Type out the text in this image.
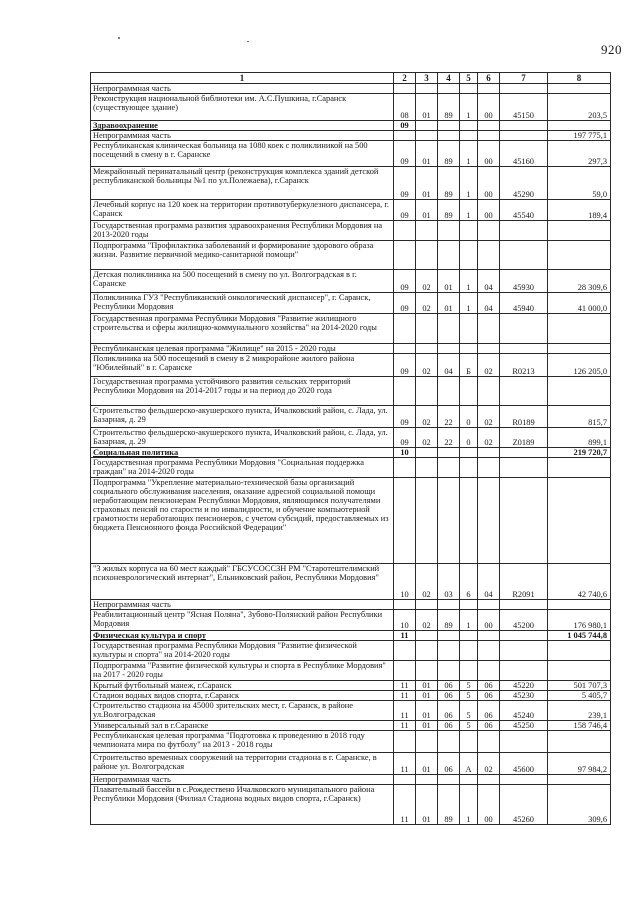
920
1	2	3	4	5	6	7	8
Непрограммная часть							
Реконструкция национальной библиотеки им. А.С.Пушкина, г.Саранск (существующее здание)	08	01	89	1	00	45150	203,5
Здравоохранение	09						
Непрограммная часть							197 775,1
Республиканская клиническая больница на 1080 коек с поликлиникой на 500 посещений в смену в г. Саранске	09	01	89	1	00	45160	297,3
Межрайонный перинатальный центр (реконструкция комплекса зданий детской республиканской больницы №1 по ул.Полежаева), г.Саранск	09	01	89	1	00	45290	59,0
Лечебный корпус на 120 коек на территории противотуберкулезного диспансера, г. Саранск	09	01	89	1	00	45540	189,4
Государственная программа развития здравоохранения Республики Мордовия на 2013-2020 годы							
Подпрограмма "Профилактика заболеваний и формирование здорового образа жизни. Развитие первичной медико-санитарной помощи"							
Детская поликлиника на 500 посещений в смену по ул. Волгоградская в г. Саранске	09	02	01	1	04	45930	28 309,6
Поликлиника ГУЗ "Республиканский онкологический диспансер", г. Саранск, Республики Мордовия	09	02	01	1	04	45940	41 000,0
Государственная программа Республики Мордовия "Развитие жилищного строительства и сферы жилищно-коммунального хозяйства" на 2014-2020 годы							
Республиканская целевая программа "Жилище" на 2015 - 2020 годы							
Поликлиника на 500 посещений в смену в 2 микрорайоне жилого района "Юбилейный" в г. Саранске	09	02	04	Б	02	R0213	126 205,0
Государственная программа устойчивого развития сельских территорий Республики Мордовия на 2014-2017 годы и на период до 2020 года							
Строительство фельдшерско-акушерского пункта, Ичалковский район, с. Лада, ул. Базарная, д. 29	09	02	22	0	02	R0189	815,7
Строительство фельдшерско-акушерского пункта, Ичалковский район, с. Лада, ул. Базарная, д. 29	09	02	22	0	02	Z0189	899,1
Социальная политика	10						219 720,7
Государственная программа Республики Мордовия "Социальная поддержка граждан" на 2014-2020 годы							
Подпрограмма "Укрепление материально-технической базы организаций социального обслуживания населения, оказание адресной социальной помощи неработающим пенсионерам Республики Мордовия, являющимся получателями страховых пенсий по старости и по инвалидности, и обучение компьютерной грамотности неработающих пенсионеров, с учетом субсидий, предоставляемых из бюджета Пенсионного фонда Российской Федерации"							
"3 жилых корпуса на 60 мест каждый" ГБСУСОССЗН РМ "Старотештелимский психоневрологический интернат", Ельниковский район, Республики Мордовия"	10	02	03	6	04	R2091	42 740,6
Непрограммная часть							
Реабилитационный центр "Ясная Поляна", Зубово-Полянский район Республики Мордовия	10	02	89	1	00	45200	176 980,1
Физическая культура и спорт	11						1 045 744,8
Государственная программа Республики Мордовия "Развитие физической культуры и спорта" на 2014-2020 годы							
Подпрограмма "Развитие физической культуры и спорта в Республике Мордовия" на 2017 - 2020 годы							
Крытый футбольный манеж, г.Саранск	11	01	06	5	06	45220	501 707,3
Стадион водных видов спорта, г.Саранск	11	01	06	5	06	45230	5 405,7
Строительство стадиона на 45000 зрительских мест, г. Саранск, в районе ул.Волгоградская	11	01	06	5	06	45240	239,1
Универсальный зал в г.Саранске	11	01	06	5	06	45250	158 746,4
Республиканская целевая программа "Подготовка к проведению в 2018 году чемпионата мира по футболу" на 2013 - 2018 годы							
Строительство временных сооружений на территории стадиона в г. Саранске, в районе ул. Волгоградская	11	01	06	А	02	45600	97 984,2
Непрограммная часть							
Плавательный бассейн в с.Рождествено Ичалковского муниципального района Республики Мордовия (Филиал Стадиона водных видов спорта, г.Саранск)	11	01	89	1	00	45260	309,6
